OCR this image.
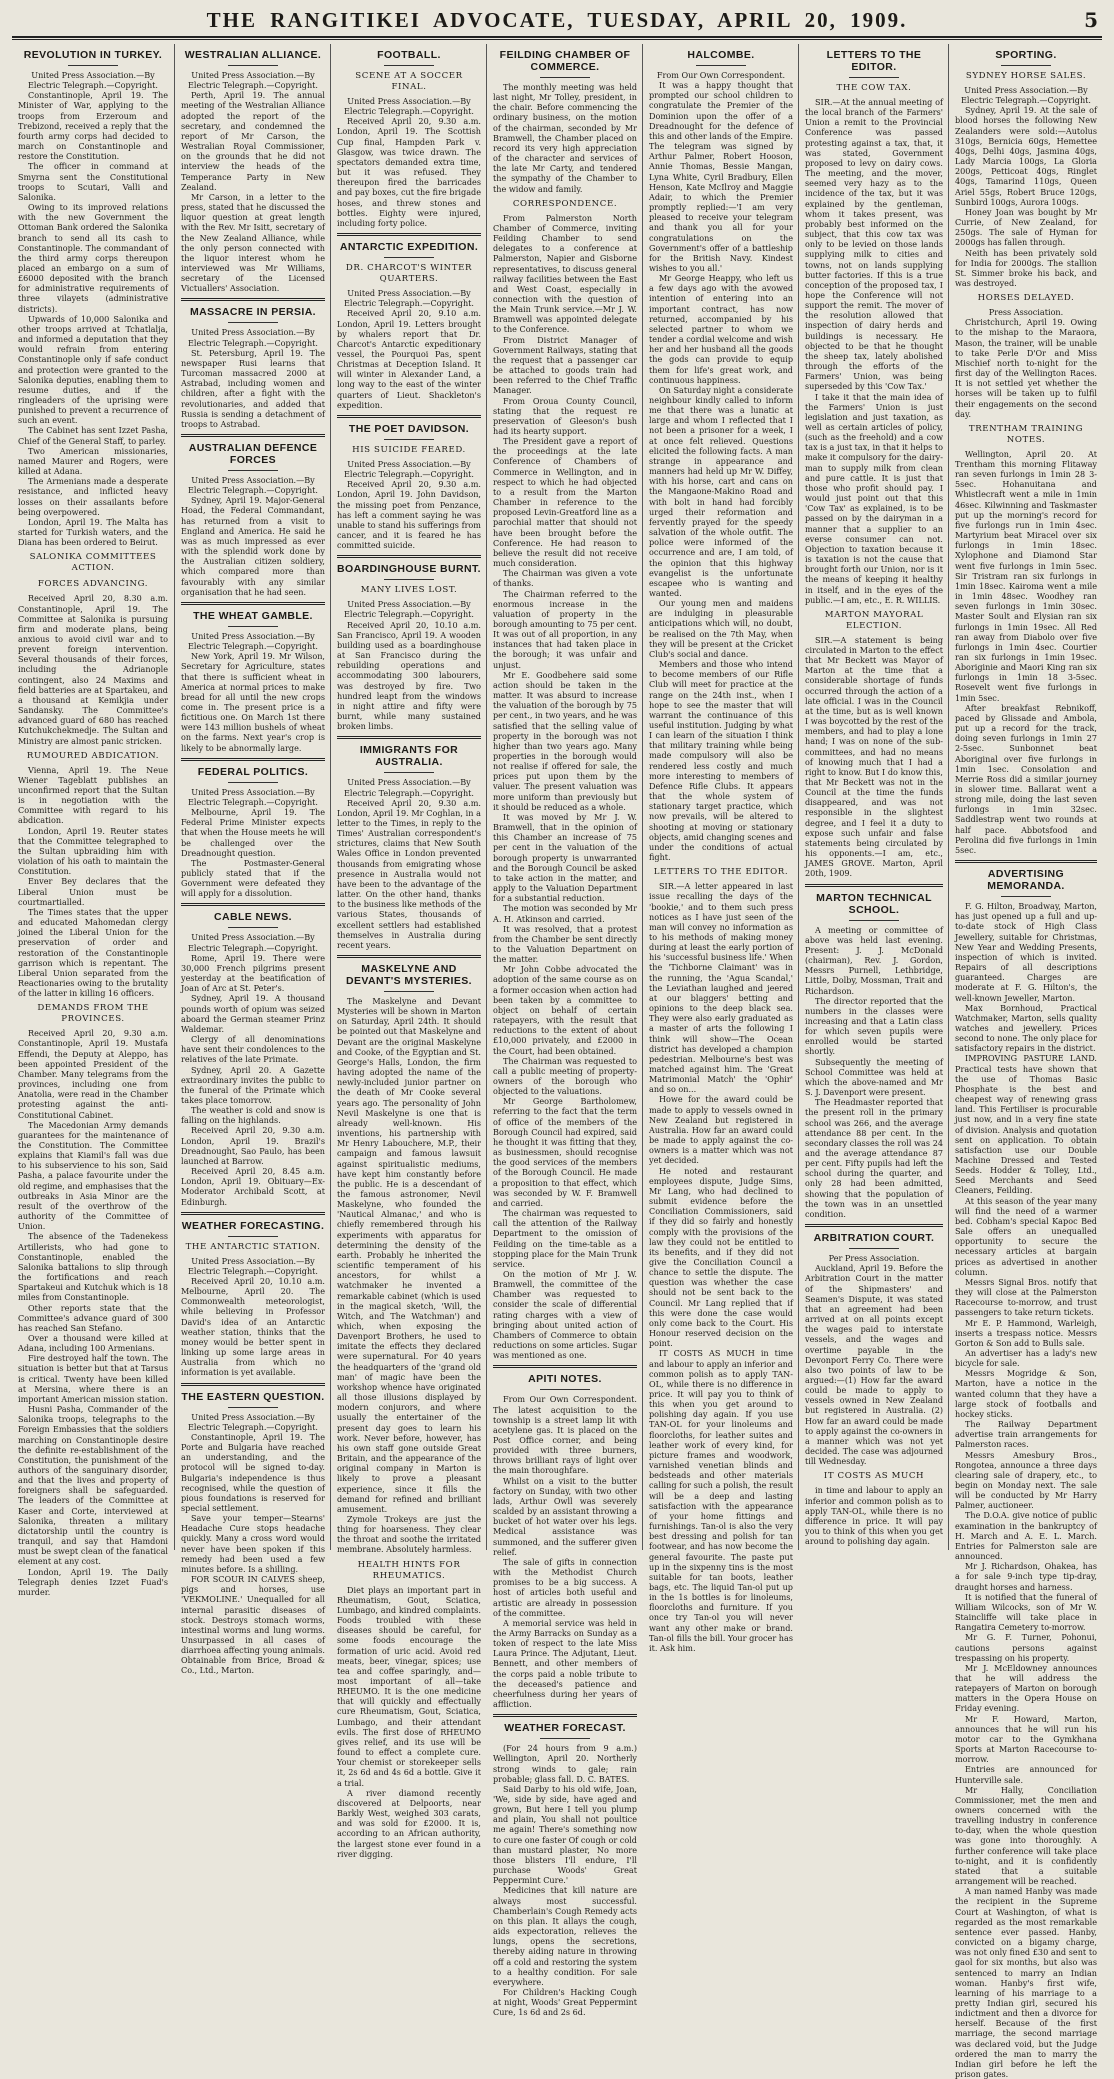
THE RANGITIKEI ADVOCATE, TUESDAY, APRIL 20, 1909.	5
REVOLUTION IN TURKEY.
United Press Association.—By Electric Telegraph.—Copyright.

Constantinople, April 19. The Minister of War, applying to the troops from Erzeroum and Trebizond, received a reply that the fourth army corps had decided to march on Constantinople and restore the Constitution.

The officer in command at Smyrna sent the Constitutional troops to Scutari, Valli and Salonika.

Owing to its improved relations with the new Government the Ottoman Bank ordered the Salonika branch to send all its cash to Constantinople. The commandant of the third army corps thereupon placed an embargo on a sum of £6000 deposited with the branch for administrative requirements of three vilayets (administrative districts).

Upwards of 10,000 Salonika and other troops arrived at Tchatlalja, and informed a deputation that they would refrain from entering Constantinople only if safe conduct and protection were granted to the Salonika deputies, enabling them to resume duties, and if the ringleaders of the uprising were punished to prevent a recurrence of such an event.

The Cabinet has sent Izzet Pasha, Chief of the General Staff, to parley.

Two American missionaries, named Maurer and Rogers, were killed at Adana.

The Armenians made a desperate resistance, and inflicted heavy losses on their assailants before being overpowered.

London, April 19. The Malta has started for Turkish waters, and the Diana has been ordered to Beirut.

SALONIKA COMMITTEES ACTION.
FORCES ADVANCING.

Received April 20, 8.30 a.m. Constantinople, April 19. The Committee at Salonika is pursuing firm and moderate plans, being anxious to avoid civil war and to prevent foreign intervention. Several thousands of their forces, including the Adrianople contingent, also 24 Maxims and field batteries are at Spartakeu, and a thousand at Kemikjia under Sandansky. The Committee's advanced guard of 680 has reached Kutchukchekmedje. The Sultan and Ministry are almost panic stricken.

RUMOURED ABDICATION.

Vienna, April 19. The Neue Wiener Tageblatt publishes an unconfirmed report that the Sultan is in negotiation with the Committee with regard to his abdication.

London, April 19. Reuter states that the Committee telegraphed to the Sultan upbraiding him with violation of his oath to maintain the Constitution.

Enver Bey declares that the Liberal Union must be courtmartialled.

The Times states that the upper and educated Mahomedan clergy joined the Liberal Union for the preservation of order and restoration of the Constantinople garrison which is repentant. The Liberal Union separated from the Reactionaries owing to the brutality of the latter in killing 16 officers.

DEMANDS FROM THE PROVINCES.

Received April 20, 9.30 a.m. Constantinople, April 19. Mustafa Effendi, the Deputy at Aleppo, has been appointed President of the Chamber. Many telegrams from the provinces, including one from Anatolia, were read in the Chamber protesting against the anti-Constitutional Cabinet.

The Macedonian Army demands guarantees for the maintenance of the Constitution. The Committee explains that Kiamil's fall was due to his subservience to his son, Said Pasha, a palace favourite under the old regime, and emphasises that the outbreaks in Asia Minor are the result of the overthrow of the authority of the Committee of Union.

The absence of the Tadenekess Artillerists, who had gone to Constantinople, enabled the Salonika battalions to slip through the fortifications and reach Spartakeui and Kutchuk which is 18 miles from Constantinople.

Other reports state that the Committee's advance guard of 300 has reached San Stefano.

Over a thousand were killed at Adana, including 100 Armenians.

Fire destroyed half the town. The situation is better but that at Tarsus is critical. Twenty have been killed at Mersina, where there is an important American mission station.

Husni Pasha, Commander of the Salonika troops, telegraphs to the Foreign Embassies that the soldiers marching on Constantinople desire the definite re-establishment of the Constitution, the punishment of the authors of the sanguinary disorder, and that the lives and property of foreigners shall be safeguarded. The leaders of the Committee at Kaser and Corte, interviewed at Salonika, threaten a military dictatorship until the country is tranquil, and say that Hamdoni must be swept clean of the fanatical element at any cost.

London, April 19. The Daily Telegraph denies Izzet Fuad's murder.

WESTRALIAN ALLIANCE.
United Press Association.—By Electric Telegraph.—Copyright.

Perth, April 19. The annual meeting of the Westralian Alliance adopted the report of the secretary, and condemned the report of Mr Carson, the Westralian Royal Commissioner, on the grounds that he did not interview the heads of the Temperance Party in New Zealand.

Mr Carson, in a letter to the press, stated that he discussed the liquor question at great length with the Rev. Mr Isitt, secretary of the New Zealand Alliance, while the only person connected with the liquor interest whom he interviewed was Mr Williams, secretary of the Licensed Victuallers' Association.

MASSACRE IN PERSIA.
United Press Association.—By Electric Telegraph.—Copyright.

St. Petersburg, April 19. The newspaper Rusi learns that Turcoman massacred 2000 at Astrabad, including women and children, after a fight with the revolutionaries, and added that Russia is sending a detachment of troops to Astrabad.

AUSTRALIAN DEFENCE FORCES
United Press Association.—By Electric Telegraph.—Copyright.

Sydney, April 19. Major-General Hoad, the Federal Commandant, has returned from a visit to England and America. He said he was as much impressed as ever with the splendid work done by the Australian citizen soldiery, which compared more than favourably with any similar organisation that he had seen.

THE WHEAT GAMBLE.
United Press Association.—By Electric Telegraph.—Copyright.

New York, April 19. Mr Wilson, Secretary for Agriculture, states that there is sufficient wheat in America at normal prices to make bread for all until the new crops come in. The present price is a fictitious one. On March 1st there were 143 million bushels of wheat on the farms. Next year's crop is likely to be abnormally large.

FEDERAL POLITICS.
United Press Association.—By Electric Telegraph.—Copyright.

Melbourne, April 19. The Federal Prime Minister expects that when the House meets he will be challenged over the Dreadnought question.

The Postmaster-General publicly stated that if the Government were defeated they will apply for a dissolution.

CABLE NEWS.
United Press Association.—By Electric Telegraph.—Copyright.

Rome, April 19. There were 30,000 French pilgrims present yesterday at the beatification of Joan of Arc at St. Peter's.

Sydney, April 19. A thousand pounds worth of opium was seized aboard the German steamer Prinz Waldemar.

Clergy of all denominations have sent their condolences to the relatives of the late Primate.

Sydney, April 20. A Gazette extraordinary invites the public to the funeral of the Primate which takes place tomorrow.

The weather is cold and snow is falling on the highlands.

Received April 20, 9.30 a.m. London, April 19. Brazil's Dreadnought, Sao Paulo, has been launched at Barrow.

Received April 20, 8.45 a.m. London, April 19. Obituary—Ex-Moderator Archibald Scott, at Edinburgh.

WEATHER FORECASTING.
THE ANTARCTIC STATION.
United Press Association.—By Electric Telegraph.—Copyright.

Received April 20, 10.10 a.m. Melbourne, April 20. The Commonwealth meteorologist, while believing in Professor David's idea of an Antarctic weather station, thinks that the money would be better spent in linking up some large areas in Australia from which no information is yet available.

THE EASTERN QUESTION.
United Press Association.—By Electric Telegraph.—Copyright.

Constantinople, April 19. The Porte and Bulgaria have reached an understanding, and the protocol will be signed to-day. Bulgaria's independence is thus recognised, while the question of pious foundations is reserved for special settlement.

Save your temper—Stearns' Headache Cure stops headache quickly. Many a cross word would never have been spoken if this remedy had been used a few minutes before. Is a shilling.

FOR SCOUR IN CALVES sheep, pigs and horses, use 'VEKMOLINE.' Unequalled for all internal parasitic diseases of stock. Destroys stomach worms, intestinal worms and lung worms. Unsurpassed in all cases of diarrhoea affecting young animals. Obtainable from Brice, Broad & Co., Ltd., Marton.

FOOTBALL.
SCENE AT A SOCCER FINAL.
United Press Association.—By Electric Telegraph.—Copyright.

Received April 20, 9.30 a.m. London, April 19. The Scottish Cup final, Hampden Park v. Glasgow, was twice drawn. The spectators demanded extra time, but it was refused. They thereupon fired the barricades and pay boxes, cut the fire brigade hoses, and threw stones and bottles. Eighty were injured, including forty police.

ANTARCTIC EXPEDITION.
DR. CHARCOT'S WINTER QUARTERS.
United Press Association.—By Electric Telegraph.—Copyright.

Received April 20, 9.10 a.m. London, April 19. Letters brought by whalers report that Dr. Charcot's Antarctic expeditionary vessel, the Pourquoi Pas, spent Christmas at Deception Island. It will winter in Alexander Land, a long way to the east of the winter quarters of Lieut. Shackleton's expedition.

THE POET DAVIDSON.
HIS SUICIDE FEARED.
United Press Association.—By Electric Telegraph.—Copyright.

Received April 20, 9.30 a.m. London, April 19. John Davidson, the missing poet from Penzance, has left a comment saying he was unable to stand his sufferings from cancer, and it is feared he has committed suicide.

BOARDINGHOUSE BURNT.
MANY LIVES LOST.
United Press Association.—By Electric Telegraph.—Copyright.

Received April 20, 10.10 a.m. San Francisco, April 19. A wooden building used as a boardinghouse at San Francisco during the rebuilding operations and accommodating 300 labourers, was destroyed by fire. Two hundred leapt from the windows in night attire and fifty were burnt, while many sustained broken limbs.

IMMIGRANTS FOR AUSTRALIA.
United Press Association.—By Electric Telegraph.—Copyright.

Received April 20, 9.30 a.m. London, April 19. Mr Coghlan, in a letter to the Times, in reply to the Times' Australian correspondent's strictures, claims that New South Wales Office in London prevented thousands from emigrating whose presence in Australia would not have been to the advantage of the latter. On the other hand, thanks to the business like methods of the various States, thousands of excellent settlers had established themselves in Australia during recent years.

MASKELYNE AND DEVANT'S MYSTERIES.

The Maskelyne and Devant Mysteries will be shown in Marton on Saturday, April 24th. It should be pointed out that Maskelyne and Devant are the original Maskelyne and Cooke, of the Egyptian and St. George's Halls, London, the firm having adopted the name of the newly-included junior partner on the death of Mr Cooke several years ago. The personality of John Nevil Maskelyne is one that is already well-known. His inventions, his partnership with Mr Henry Labouchere, M.P., their campaign and famous lawsuit against spiritualistic mediums, have kept him constantly before the public. He is a descendant of the famous astronomer, Nevil Maskelyne, who founded the 'Nautical Almanac,' and who is chiefly remembered through his experiments with apparatus for determining the density of the earth. Probably he inherited the scientific temperament of his ancestors, for whilst a watchmaker he invented a remarkable cabinet (which is used in the magical sketch, 'Will, the Witch, and The Watchman') and which, when exposing the Davenport Brothers, he used to imitate the effects they declared were supernatural. For 40 years the headquarters of the 'grand old man' of magic have been the workshop whence have originated all those illusions displayed by modern conjurors, and where usually the entertainer of the present day goes to learn his work. Never before, however, has his own staff gone outside Great Britain, and the appearance of the original company in Marton is likely to prove a pleasant experience, since it fills the demand for refined and brilliant amusement.

Zymole Trokeys are just the thing for hoarseness. They clear the throat and soothe the irritated membrane. Absolutely harmless.

HEALTH HINTS FOR RHEUMATICS.

Diet plays an important part in Rheumatism, Gout, Sciatica, Lumbago, and kindred complaints. Foods troubled with these diseases should be careful, for some foods encourage the formation of uric acid. Avoid red meats, beer, vinegar, spices; use tea and coffee sparingly, and—most important of all—take RHEUMO. It is the one medicine that will quickly and effectually cure Rheumatism, Gout, Sciatica, Lumbago, and their attendant evils. The first dose of RHEUMO gives relief, and its use will be found to effect a complete cure. Your chemist or storekeeper sells it, 2s 6d and 4s 6d a bottle. Give it a trial.

A river diamond recently discovered at Delpoorts, near Barkly West, weighed 303 carats, and was sold for £2000. It is, according to an African authority, the largest stone ever found in a river digging.

FEILDING CHAMBER OF COMMERCE.

The monthly meeting was held last night, Mr Tolley, president, in the chair. Before commencing the ordinary business, on the motion of the chairman, seconded by Mr Bramwell, the Chamber placed on record its very high appreciation of the character and services of the late Mr Carty, and tendered the sympathy of the Chamber to the widow and family.

CORRESPONDENCE.

From Palmerston North Chamber of Commerce, inviting Feilding Chamber to send delegates to a conference at Palmerston, Napier and Gisborne representatives, to discuss general railway facilities between the East and West Coast, especially in connection with the question of the Main Trunk service.—Mr J. W. Bramwell was appointed delegate to the Conference.

From District Manager of Government Railways, stating that the request that a passenger car be attached to goods train had been referred to the Chief Traffic Manager.

From Oroua County Council, stating that the request re preservation of Gleeson's bush had its hearty support.

The President gave a report of the proceedings at the late Conference of Chambers of Commerce in Wellington, and in respect to which he had objected to a result from the Marton Chamber in reference to the proposed Levin-Greatford line as a parochial matter that should not have been brought before the Conference. He had reason to believe the result did not receive much consideration.

The Chairman was given a vote of thanks.

The Chairman referred to the enormous increase in the valuation of property in the borough amounting to 75 per cent. It was out of all proportion, in any instances that had taken place in the borough; it was unfair and unjust.

Mr E. Goodbehere said some action should be taken in the matter. It was absurd to increase the valuation of the borough by 75 per cent., in two years, and he was satisfied that the selling value of property in the borough was not higher than two years ago. Many properties in the borough would not realise if offered for sale, the prices put upon them by the valuer. The present valuation was more uniform than previously but it should be reduced as a whole.

It was moved by Mr J. W. Bramwell, that in the opinion of this Chamber an increase of 75 per cent in the valuation of the borough property is unwarranted and the Borough Council be asked to take action in the matter, and apply to the Valuation Department for a substantial reduction.

The motion was seconded by Mr A. H. Atkinson and carried.

It was resolved, that a protest from the Chamber be sent directly to the Valuation Department on the matter.

Mr John Cobbe advocated the adoption of the same course as on a former occasion when action had been taken by a committee to object on behalf of certain ratepayers, with the result that reductions to the extent of about £10,000 privately, and £2000 in the Court, had been obtained.

The Chairman was requested to call a public meeting of property-owners of the borough who objected to the valuations.

Mr George Bartholomew, referring to the fact that the term of office of the members of the Borough Council had expired, said he thought it was fitting that they, as businessmen, should recognise the good services of the members of the Borough Council. He made a proposition to that effect, which was seconded by W. F. Bramwell and carried.

The chairman was requested to call the attention of the Railway Department to the omission of Feilding on the time-table as a stopping place for the Main Trunk service.

On the motion of Mr J. W. Bramwell, the committee of the Chamber was requested to consider the scale of differential rating charges with a view of bringing about united action of Chambers of Commerce to obtain reductions on some articles. Sugar was mentioned as one.

APITI NOTES.

From Our Own Correspondent. The latest acquisition to the township is a street lamp lit with acetylene gas. It is placed on the Post Office corner, and being provided with three burners, throws brilliant rays of light over the main thoroughfare.

Whilst on a visit to the butter factory on Sunday, with two other lads, Arthur Owll was severely scalded by an assistant throwing a bucket of hot water over his legs. Medical assistance was summoned, and the sufferer given relief.

The sale of gifts in connection with the Methodist Church promises to be a big success. A host of articles both useful and artistic are already in possession of the committee.

A memorial service was held in the Army Barracks on Sunday as a token of respect to the late Miss Laura Prince. The Adjutant, Lieut. Bennett, and other members of the corps paid a noble tribute to the deceased's patience and cheerfulness during her years of affliction.

WEATHER FORECAST.

(For 24 hours from 9 a.m.) Wellington, April 20. Northerly strong winds to gale; rain probable; glass fall. D. C. BATES.

Said Darby to his old wife, Joan, 'We, side by side, have aged and grown, But here I tell you plump and plain, You shall not poultice me again! There's something now to cure one faster Of cough or cold than mustard plaster, No more those blisters I'll endure, I'll purchase Woods' Great Peppermint Cure.'

Medicines that kill nature are always most successful. Chamberlain's Cough Remedy acts on this plan. It allays the cough, aids expectoration, relieves the lungs, opens the secretions, thereby aiding nature in throwing off a cold and restoring the system to a healthy condition. For sale everywhere.

For Children's Hacking Cough at night, Woods' Great Peppermint Cure, 1s 6d and 2s 6d.

HALCOMBE.
From Our Own Correspondent.

It was a happy thought that prompted our school children to congratulate the Premier of the Dominion upon the offer of a Dreadnought for the defence of this and other lands of the Empire. The telegram was signed by Arthur Palmer, Robert Hooson, Annie Thomas, Bessie Mangan, Lyna White, Cyril Bradbury, Ellen Henson, Kate McIlroy and Maggie Adair, to which the Premier promptly replied:—'I am very pleased to receive your telegram and thank you all for your congratulations on the Government's offer of a battleship for the British Navy. Kindest wishes to you all.'

Mr George Heappy, who left us a few days ago with the avowed intention of entering into an important contract, has now returned, accompanied by his selected partner to whom we tender a cordial welcome and wish her and her husband all the goods the gods can provide to equip them for life's great work, and continuous happiness.

On Saturday night a considerate neighbour kindly called to inform me that there was a lunatic at large and whom I reflected that I not been a prisoner for a week, I at once felt relieved. Questions elicited the following facts. A man strange in appearance and manners had held up Mr W. Diffey, with his horse, cart and cans on the Mangaone-Makino Road and with bolt in hand had forcibly urged their reformation and fervently prayed for the speedy salvation of the whole outfit. The police were informed of the occurrence and are, I am told, of the opinion that this highway evangelist is the unfortunate escapee who is wanting and wanted.

Our young men and maidens are indulging in pleasurable anticipations which will, no doubt, be realised on the 7th May, when they will be present at the Cricket Club's social and dance.

Members and those who intend to become members of our Rifle Club will meet for practice at the range on the 24th inst., when I hope to see the master that will warrant the continuance of this useful institution. Judging by what I can learn of the situation I think that military training while being made compulsory will also be rendered less costly and much more interesting to members of Defence Rifle Clubs. It appears that the whole system of stationary target practice, which now prevails, will be altered to shooting at moving or stationary objects, amid changing scenes and under the conditions of actual fight.

LETTERS TO THE EDITOR.

SIR.—A letter appeared in last issue recalling the days of the 'bookie,' and to them such press notices as I have just seen of the man will convey no information as to his methods of making money during at least the early portion of his 'successful business life.' When the 'Tichborne Claimant' was in the running, the 'Agua Scandal,' the Leviathan laughed and jeered at our blaggers' betting and opinions to the deep black sea. They were also early graduated as a master of arts the following I think will show—The Ocean district has developed a champion pedestrian. Melbourne's best was matched against him. The 'Great Matrimonial Match' the 'Ophir' and so on...

Howe for the award could be made to apply to vessels owned in New Zealand but registered in Australia. How far an award could be made to apply against the co-owners is a matter which was not yet decided.

He noted and restaurant employees dispute, Judge Sims, Mr Lang, who had declined to submit evidence before the Conciliation Commissioners, said if they did so fairly and honestly comply with the provisions of the law they could not be entitled to its benefits, and if they did not give the Conciliation Council a chance to settle the dispute. The question was whether the case should not be sent back to the Council. Mr Lang replied that if this were done the case would only come back to the Court. His Honour reserved decision on the point.

IT COSTS AS MUCH in time and labour to apply an inferior and common polish as to apply TAN-OL, while there is no difference in price. It will pay you to think of this when you get around to polishing day again. If you use TAN-OL for your linoleums and floorcloths, for leather suites and leather work of every kind, for picture frames and woodwork, varnished venetian blinds and bedsteads and other materials calling for such a polish, the result will be a deep and lasting satisfaction with the appearance of your home fittings and furnishings. Tan-ol is also the very best dressing and polish for tan footwear, and has now become the general favourite. The paste put up in the sixpenny tins is the most suitable for tan boots, leather bags, etc. The liquid Tan-ol put up in the 1s bottles is for linoleums, floorcloths and furniture. If you once try Tan-ol you will never want any other make or brand. Tan-ol fills the bill. Your grocer has it. Ask him.

LETTERS TO THE EDITOR.
THE COW TAX.

SIR.—At the annual meeting of the local branch of the Farmers' Union a remit to the Provincial Conference was passed protesting against a tax, that, it was stated, Government proposed to levy on dairy cows. The meeting, and the mover, seemed very hazy as to the incidence of the tax, but it was explained by the gentleman, whom it takes present, was probably best informed on the subject, that this cow tax was only to be levied on those lands supplying milk to cities and towns, not on lands supplying butter factories. If this is a true conception of the proposed tax, I hope the Conference will not support the remit. The mover of the resolution allowed that inspection of dairy herds and buildings is necessary. He objected to be that he thought the sheep tax, lately abolished through the efforts of the Farmers' Union, was being superseded by this 'Cow Tax.'

I take it that the main idea of the Farmers' Union is just legislation and just taxation, as well as certain articles of policy, (such as the freehold) and a cow tax is a just tax, in that it helps to make it compulsory for the dairy-man to supply milk from clean and pure cattle. It is just that those who profit should pay. I would just point out that this 'Cow Tax' as explained, is to be passed on by the dairyman in a manner that a supplier to an everse consumer can not. Objection to taxation because it is taxation is not the cause that brought forth our Union, nor is it the means of keeping it healthy in itself, and in the eyes of the public.—I am, etc., E. R. WILLIS.

MARTON MAYORAL ELECTION.

SIR.—A statement is being circulated in Marton to the effect that Mr Beckett was Mayor of Marton at the time that a considerable shortage of funds occurred through the action of a late official. I was in the Council at the time, but as is well known I was boycotted by the rest of the members, and had to play a lone hand; I was on none of the sub-committees, and had no means of knowing much that I had a right to know. But I do know this, that Mr Beckett was not in the Council at the time the funds disappeared, and was not responsible in the slightest degree, and I feel it a duty to expose such unfair and false statements being circulated by his opponents.—I am, etc., JAMES GROVE. Marton, April 20th, 1909.

MARTON TECHNICAL SCHOOL.

A meeting or committee of above was held last evening. Present: J. J. McDonald (chairman), Rev. J. Gordon, Messrs Purnell, Lethbridge, Little, Dolby, Mossman, Trait and Richardson.

The director reported that the numbers in the classes were increasing and that a Latin class for which seven pupils were enrolled would be started shortly.

Subsequently the meeting of School Committee was held at which the above-named and Mr S. J. Davenport were present.

The Headmaster reported that the present roll in the primary school was 266, and the average attendance 88 per cent. In the secondary classes the roll was 24 and the average attendance 87 per cent. Fifty pupils had left the school during the quarter, and only 28 had been admitted, showing that the population of the town was in an unsettled condition.

ARBITRATION COURT.
Per Press Association.

Auckland, April 19. Before the Arbitration Court in the matter of the Shipmasters' and Seamen's Dispute, it was stated that an agreement had been arrived at on all points except the wages paid to interstate vessels, and the wages and overtime payable in the Devonport Ferry Co. There were also two points of law to be argued:—(1) How far the award could be made to apply to vessels owned in New Zealand but registered in Australia. (2) How far an award could be made to apply against the co-owners in a manner which was not yet decided. The case was adjourned till Wednesday.

IT COSTS AS MUCH

in time and labour to apply an inferior and common polish as to apply TAN-OL, while there is no difference in price. It will pay you to think of this when you get around to polishing day again.

SPORTING.
SYDNEY HORSE SALES.
United Press Association.—By Electric Telegraph.—Copyright.

Sydney, April 19. At the sale of blood horses the following New Zealanders were sold:—Autolus 310gs, Bernicia 60gs, Hemettee 40gs, Delhi 40gs, Jasmina 40gs, Lady Marcia 100gs, La Gloria 200gs, Petticoat 40gs, Ringlet 40gs, Tamarind 110gs, Queen Ariel 55gs, Robert Bruce 120gs, Sunbird 100gs, Aurora 100gs.

Honey Joan was bought by Mr Currie, of New Zealand, for 250gs. The sale of Hyman for 2000gs has fallen through.

Neith has been privately sold for India for 2000gs. The stallion St. Simmer broke his back, and was destroyed.

HORSES DELAYED.
Press Association.

Christchurch, April 19. Owing to the mishap to the Maraora, Mason, the trainer, will be unable to take Perle D'Or and Miss Mischief north to-night for the first day of the Wellington Races. It is not settled yet whether the horses will be taken up to fulfil their engagements on the second day.

TRENTHAM TRAINING NOTES.

Wellington, April 20. At Trentham this morning Flitaway ran seven furlongs in 1min 28 3-5sec. Hohanuitana and Whistlecraft went a mile in 1min 46sec. Kilwinning and Taskmaster put up the morning's record for five furlongs run in 1min 4sec. Martyrium beat Miracel over six furlongs in 1min 18sec. Xylophone and Diamond Star went five furlongs in 1min 5sec. Sir Tristram ran six furlongs in 1min 18sec. Kairoma went a mile in 1min 48sec. Woodhey ran seven furlongs in 1min 30sec. Master Soult and Elysian ran six furlongs in 1min 19sec. All Red ran away from Diabolo over five furlongs in 1min 4sec. Courtier ran six furlongs in 1min 19sec. Aboriginie and Maori King ran six furlongs in 1min 18 3-5sec. Rosevelt went five furlongs in 1min 5sec.

After breakfast Rebnikoff, paced by Glissade and Ambola, put up a record for the track, doing seven furlongs in 1min 27 2-5sec. Sunbonnet beat Aboriginal over five furlongs in 1min 1sec. Consolation and Merrie Ross did a similar journey in slower time. Ballarat went a strong mile, doing the last seven furlongs in 1min 32sec. Saddlestrap went two rounds at half pace. Abbotsfood and Perolina did five furlongs in 1min 5sec.

ADVERTISING MEMORANDA.

F. G. Hilton, Broadway, Marton, has just opened up a full and up-to-date stock of High Class Jewellery, suitable for Christmas, New Year and Wedding Presents, inspection of which is invited. Repairs of all descriptions guaranteed. Charges are moderate at F. G. Hilton's, the well-known Jeweller, Marton.

Max Bornhoud, Practical Watchmaker, Marton, sells quality watches and jewellery. Prices second to none. The only place for satisfactory repairs in the district.

IMPROVING PASTURE LAND. Practical tests have shown that the use of Thomas Basic Phosphate is the best and cheapest way of renewing grass land. This Fertiliser is procurable just now, and in a very fine state of division. Analysis and quotation sent on application. To obtain satisfaction use our Double Machine Dressed and Tested Seeds. Hodder & Tolley, Ltd., Seed Merchants and Seed Cleaners, Feilding.

At this season of the year many will find the need of a warmer bed. Cobham's special Kapoc Bed Sale offers an unequalled opportunity to secure the necessary articles at bargain prices as advertised in another column.

Messrs Signal Bros. notify that they will close at the Palmerston Racecourse to-morrow, and trust passengers to take return tickets.

Mr E. P. Hammond, Warleigh, inserts a trespass notice. Messrs Gorton & Son add to Bulls sale.

An advertiser has a lady's new bicycle for sale.

Messrs Mogridge & Son, Marton, have a notice in the wanted column that they have a large stock of footballs and hockey sticks.

The Railway Department advertise train arrangements for Palmerston races.

Messrs Amesbury Bros., Rongotea, announce a three days clearing sale of drapery, etc., to begin on Monday next. The sale will be conducted by Mr Harry Palmer, auctioneer.

The D.O.A. give notice of public examination in the bankruptcy of H. March and A. E. L. March. Entries for Palmerston sale are announced.

Mr J. Richardson, Ohakea, has a for sale 9-inch type tip-dray, draught horses and harness.

It is notified that the funeral of William Wilcocks, son of Mr W. Staincliffe will take place in Rangatira Cemetery to-morrow.

Mr G. F. Turner, Pohonui, cautions persons against trespassing on his property.

Mr J. McEldowney announces that he will address the ratepayers of Marton on borough matters in the Opera House on Friday evening.

Mr F. Howard, Marton, announces that he will run his motor car to the Gymkhana Sports at Marton Racecourse to-morrow.

Entries are announced for Hunterville sale.

Mr Hally, Conciliation Commissioner, met the men and owners concerned with the travelling industry in conference to-day, when the whole question was gone into thoroughly. A further conference will take place to-night, and it is confidently stated that a suitable arrangement will be reached.

A man named Hanby was made the recipient in the Supreme Court at Washington, of what is regarded as the most remarkable sentence ever passed. Hanby, convicted on a bigamy charge, was not only fined £30 and sent to gaol for six months, but also was sentenced to marry an Indian woman. Hanby's first wife, learning of his marriage to a pretty Indian girl, secured his indictment and then a divorce for herself. Because of the first marriage, the second marriage was declared void, but the Judge ordered the man to marry the Indian girl before he left the prison gates.
